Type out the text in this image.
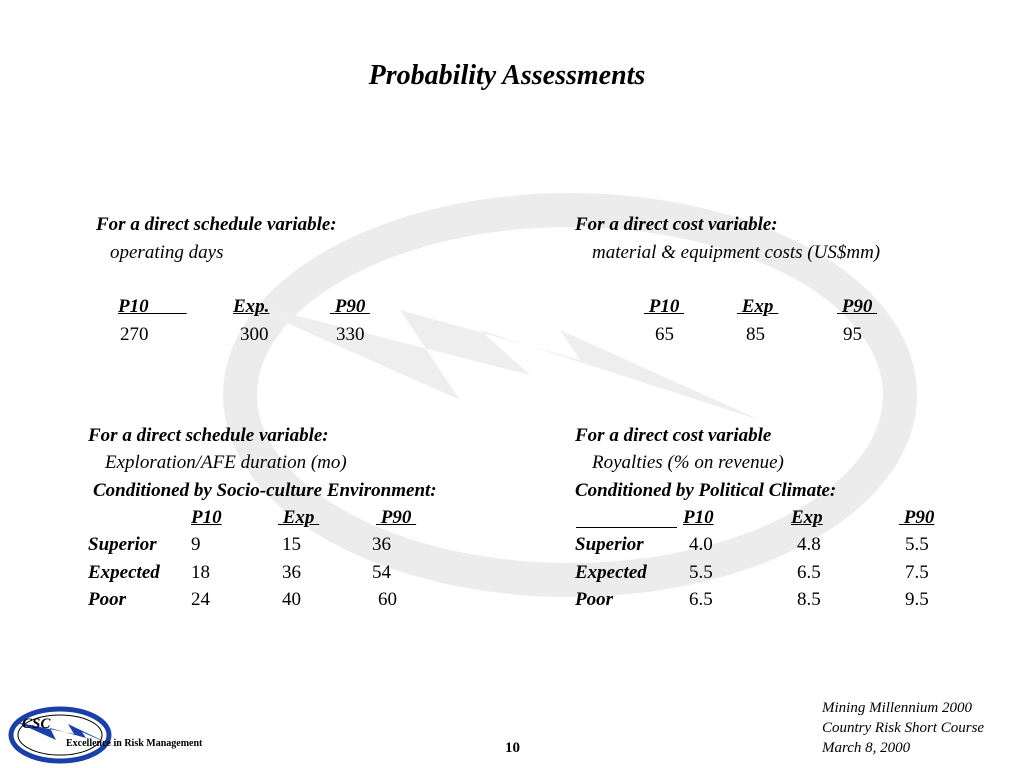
Probability Assessments
For a direct schedule variable:
operating days
P10	Exp.	P90
270	300	330
For a direct cost variable:
material & equipment costs (US$mm)
P10	Exp	P90
65	85	95
For a direct schedule variable:
Exploration/AFE duration (mo)
Conditioned by Socio-culture Environment:
P10	Exp	P90
Superior 9	15	36
Expected 18	36	54
Poor	24	40	60
For a direct cost variable
Royalties (% on revenue)
Conditioned by Political Climate:
P10	Exp	P90
Superior 4.0	4.8	5.5
Expected 5.5	6.5	7.5
Poor	6.5	8.5	9.5
Mining Millennium 2000
Country Risk Short Course
March 8, 2000
10
CSC
Excellence in Risk Management
